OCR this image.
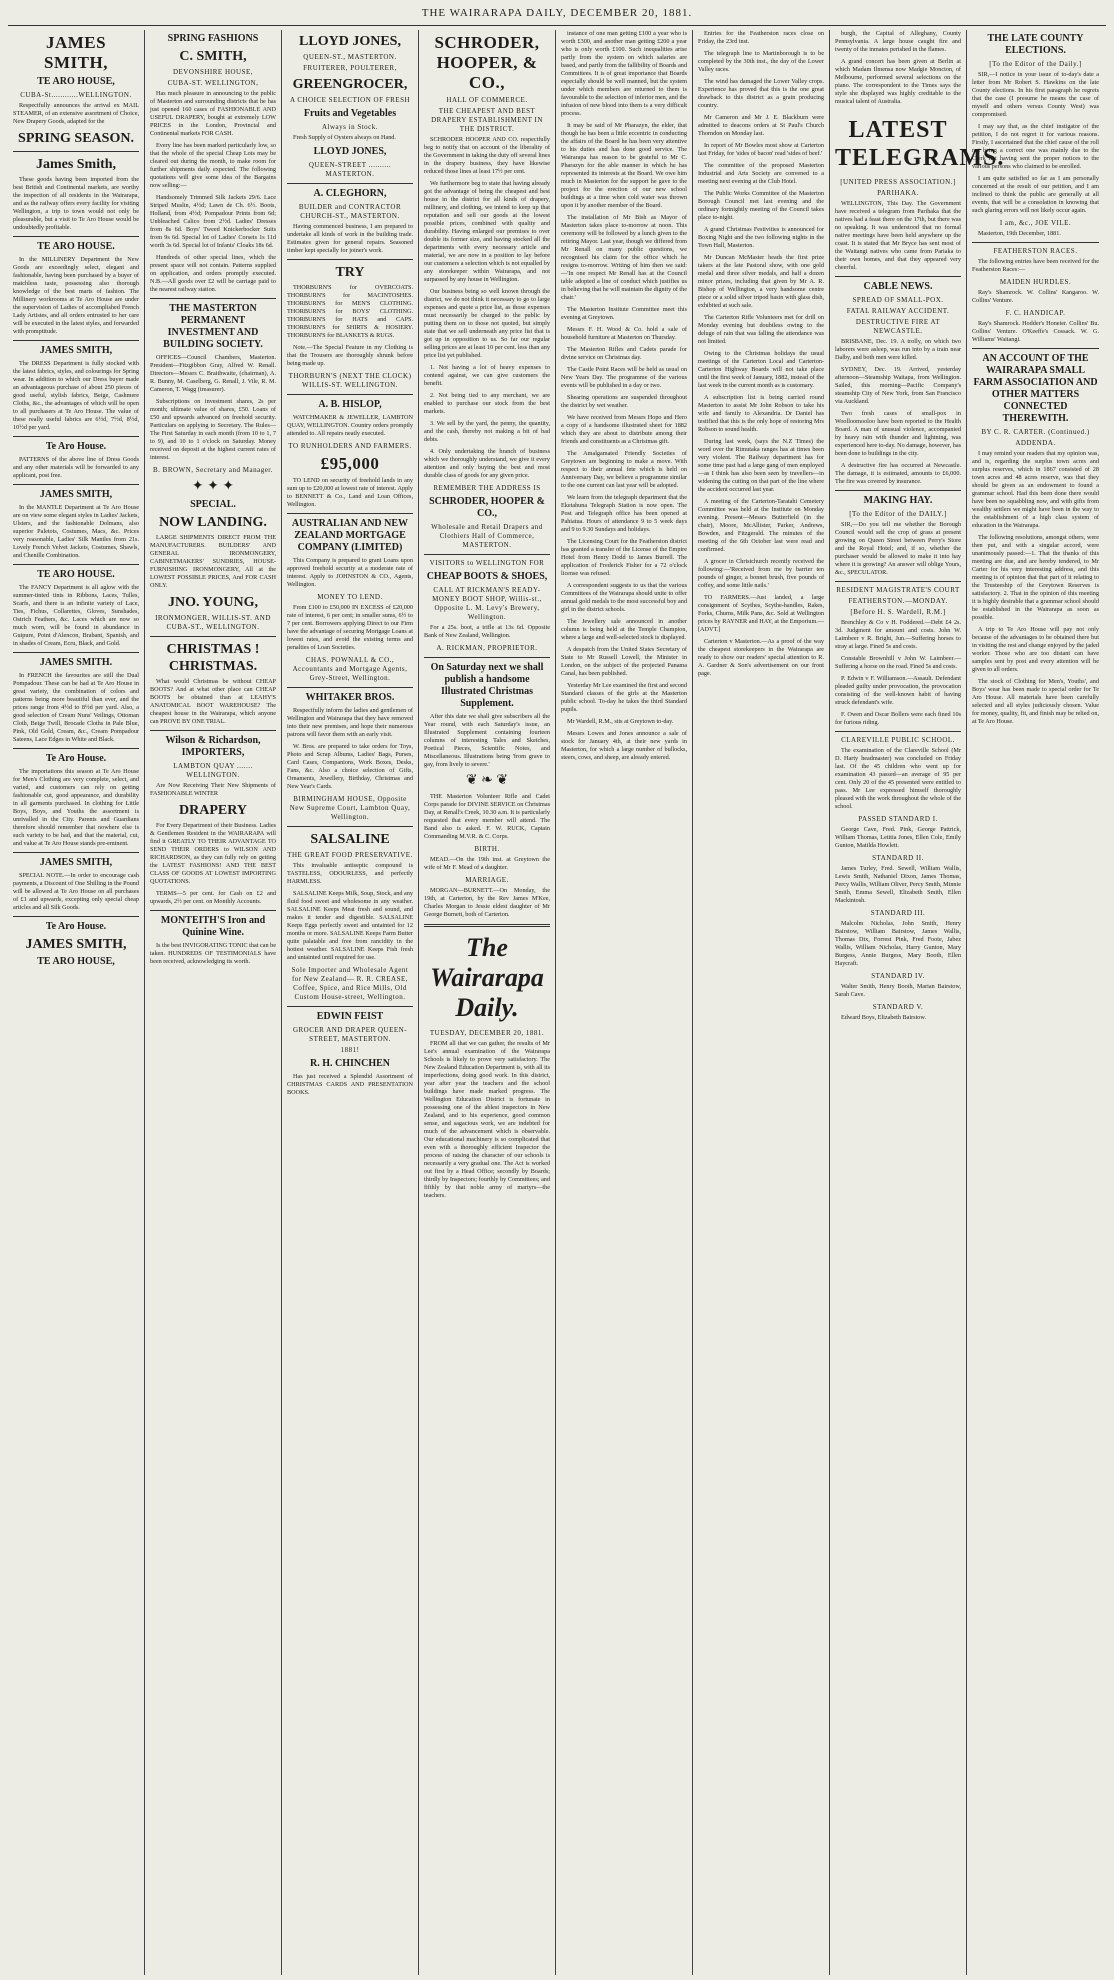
THE WAIRARAPA DAILY, DECEMBER 20, 1881.
JAMES SMITH,
TE ARO HOUSE,
CUBA-St............WELLINGTON.

Respectfully announces the arrival ex MAIL STEAMER, of an extensive assortment of Choice, New Drapery Goods, adapted for the

SPRING SEASON.
James Smith,

These goods having been imported from the best British and Continental markets, are worthy the inspection of all residents in the Wairarapa, and as the railway offers every facility for visiting Wellington, a trip to town would not only be pleasurable, but a visit to Te Aro House would be undoubtedly profitable.

TE ARO HOUSE.

In the MILLINERY Department the New Goods are exceedingly select, elegant and fashionable, having been purchased by a buyer of matchless taste, possessing also thorough knowledge of the best marts of fashion. The Millinery workrooms at Te Aro House are under the supervision of Ladies of accomplished French Lady Artistes, and all orders entrusted to her care will be executed in the latest styles, and forwarded with promptitude.

JAMES SMITH,

The DRESS Department is fully stocked with the latest fabrics, styles, and colourings for Spring wear. In addition to which our Dress buyer made an advantageous purchase of about 250 pieces of good useful, stylish fabrics, Beige, Cashmere Cloths, &c., the advantages of which will be open to all purchasers at Te Aro House. The value of these really useful fabrics are 6½d, 7½d, 8½d, 10½d per yard.

Te Aro House.

PATTERNS of the above line of Dress Goods and any other materials will be forwarded to any applicant, post free.

JAMES SMITH,

In the MANTLE Department at Te Aro House are on view some elegant styles in Ladies' Jackets, Ulsters, and the fashionable Dolmans, also superior Paletots, Costumes, Macs, &c. Prices very reasonable, Ladies' Silk Mantles from 21s. Lovely French Velvet Jackets, Costumes, Shawls, and Chenille Combination.

TE ARO HOUSE.

The FANCY Department is all aglow with the summer-tinted tints in Ribbons, Laces, Tulles, Scarfs, and there is an infinite variety of Lace, Ties, Fichus, Collarettes, Gloves, Sunshades, Ostrich Feathers, &c. Laces which are now so much worn, will be found in abundance in Guipure, Point d'Alencon, Brabant, Spanish, and in shades of Cream, Ecru, Black, and Gold.

JAMES SMITH.

In FRENCH the favourites are still the Dual Pompadour. These can be had at Te Aro House in great variety, the combination of colors and patterns being more beautiful than ever, and the prices range from 4½d to 8½d per yard. Also, a good selection of Cream Nuns' Veilings, Ottoman Cloth, Beige Twill, Brocade Cloths in Pale Blue, Pink, Old Gold, Cream, &c., Cream Pompadour Sateens, Lace Edges in White and Black.

Te Aro House.

The importations this season at Te Aro House for Men's Clothing are very complete, select, and varied, and customers can rely on getting fashionable cut, good appearance, and durability in all garments purchased. In clothing for Little Boys, Boys, and Youths the assortment is unrivalled in the City. Parents and Guardians therefore should remember that nowhere else is such variety to be had, and that the material, cut, and value at Te Aro House stands pre-eminent.

JAMES SMITH,

SPECIAL NOTE.—In order to encourage cash payments, a Discount of One Shilling in the Pound will be allowed at Te Aro House on all purchases of £1 and upwards, excepting only special cheap articles and all Silk Goods.

Te Aro House.
JAMES SMITH,
TE ARO HOUSE,
SPRING FASHIONS
C. SMITH,
DEVONSHIRE HOUSE,
CUBA-ST. WELLINGTON,

Has much pleasure in announcing to the public of Masterton and surrounding districts that he has just opened 160 cases of FASHIONABLE AND USEFUL DRAPERY, bought at extremely LOW PRICES in the London, Provincial and Continental markets FOR CASH.

Every line has been marked particularly low, so that the whole of the special Cheap Lots may be cleared out during the month, to make room for further shipments daily expected. The following quotations will give some idea of the Bargains now selling:—

Handsomely Trimmed Silk Jackets 29/6. Lace Striped Muslin, 4½d; Lawn de Ch. 6½. Boots, Holland, from 4½d; Pompadour Prints from 6d; Unbleached Calico from 2½d. Ladies' Dresses from 8s 6d. Boys' Tweed Knickerbocker Suits from 9s 6d. Special lot of Ladies' Corsets 1s 11d worth 3s 6d. Special lot of Infants' Cloaks 18s 6d.

Hundreds of other special lines, which the present space will not contain. Patterns supplied on application, and orders promptly executed. N.B.—All goods over £2 will be carriage paid to the nearest railway station.

THE MASTERTON PERMANENT INVESTMENT AND BUILDING SOCIETY.

OFFICES—Council Chambers, Masterton. President—Fitzgibbon Gray, Alfred W. Renall. Directors—Messrs C. Braithwaite, (chairman), A. R. Bunny, M. Caselberg, G. Renall, J. Vile, R. M. Cameron, T. Wagg (treasurer).

Subscriptions on investment shares, 2s per month; ultimate value of shares, £50. Loans of £50 and upwards advanced on freehold security. Particulars on applying to Secretary. The Rules—The First Saturday in each month (from 10 to 1, 7 to 9), and 10 to 1 o'clock on Saturday. Money received on deposit at the highest current rates of interest.

B. BROWN, Secretary and Manager.
✦ ✦ ✦
SPECIAL.
NOW LANDING.

LARGE SHIPMENTS DIRECT FROM THE MANUFACTURERS. BUILDERS' AND GENERAL IRONMONGERY, CABINETMAKERS' SUNDRIES, HOUSE-FURNISHING IRONMONGERY, All at the LOWEST POSSIBLE PRICES, And FOR CASH ONLY.

JNO. YOUNG,
IRONMONGER, WILLIS-ST. AND CUBA-ST., WELLINGTON.
CHRISTMAS ! CHRISTMAS.

What would Christmas be without CHEAP BOOTS? And at what other place can CHEAP BOOTS be obtained than at LEAHY'S ANATOMICAL BOOT WAREHOUSE? The cheapest house in the Wairarapa, which anyone can PROVE BY ONE TRIAL.

Wilson & Richardson, IMPORTERS,
LAMBTON QUAY ....... WELLINGTON.

Are Now Receiving Their New Shipments of FASHIONABLE WINTER

DRAPERY

For Every Department of their Business. Ladies & Gentlemen Resident in the WAIRARAPA will find it GREATLY TO THEIR ADVANTAGE TO SEND THEIR ORDERS to WILSON AND RICHARDSON, as they can fully rely on getting the LATEST FASHIONS! AND THE BEST CLASS OF GOODS AT LOWEST IMPORTING QUOTATIONS.

TERMS—5 per cent. for Cash on £2 and upwards, 2½ per cent. on Monthly Accounts.

MONTEITH'S Iron and Quinine Wine.

Is the best INVIGORATING TONIC that can be taken. HUNDREDS OF TESTIMONIALS have been received, acknowledging its worth.

LLOYD JONES,
QUEEN-ST., MASTERTON.
FRUITERER, POULTERER,
GREENGROCER,
A CHOICE SELECTION OF FRESH
Fruits and Vegetables
Always in Stock.

Fresh Supply of Oysters always on Hand.

LLOYD JONES,
QUEEN-STREET .......... MASTERTON.
A. CLEGHORN,
BUILDER and CONTRACTOR CHURCH-ST., MASTERTON.

Having commenced business, I am prepared to undertake all kinds of work in the building trade. Estimates given for general repairs. Seasoned timber kept specially for joiner's work.

TRY

THORBURN'S for OVERCOATS. THORBURN'S for MACINTOSHES. THORBURN'S for MEN'S CLOTHING. THORBURN'S for BOYS' CLOTHING. THORBURN'S for HATS and CAPS. THORBURN'S for SHIRTS & HOSIERY. THORBURN'S for BLANKETS & RUGS.

Note.—The Special Feature in my Clothing is that the Trousers are thoroughly shrunk before being made up.

THORBURN'S (NEXT THE CLOCK) WILLIS-ST. WELLINGTON.
A. B. HISLOP,

WATCHMAKER & JEWELLER, LAMBTON QUAY, WELLINGTON. Country orders promptly attended to. All repairs neatly executed.

TO RUNHOLDERS AND FARMERS.
£95,000

TO LEND on security of freehold lands in any sum up to £20,000 at lowest rate of interest. Apply to BENNETT & Co., Land and Loan Offices, Wellington.

AUSTRALIAN AND NEW ZEALAND MORTGAGE COMPANY (LIMITED)

This Company is prepared to grant Loans upon approved freehold security at a moderate rate of interest. Apply to JOHNSTON & CO., Agents, Wellington.

MONEY TO LEND.

From £100 to £50,000 IN EXCESS of £20,000 rate of interest, 6 per cent; in smaller sums, 6½ to 7 per cent. Borrowers applying Direct to our Firm have the advantage of securing Mortgage Loans at lowest rates, and avoid the existing terms and penalties of Loan Societies.

CHAS. POWNALL & CO., Accountants and Mortgage Agents, Grey-Street, Wellington.
WHITAKER BROS.

Respectfully inform the ladies and gentlemen of Wellington and Wairarapa that they have removed into their new premises, and hope their numerous patrons will favor them with an early visit.

W. Bros. are prepared to take orders for Toys, Photo and Scrap Albums, Ladies' Bags, Purses, Card Cases, Companions, Work Boxes, Desks, Fans, &c. Also a choice selection of Gifts, Ornaments, Jewellery, Birthday, Christmas and New Year's Cards.

BIRMINGHAM HOUSE, Opposite New Supreme Court, Lambton Quay, Wellington.
SALSALINE
THE GREAT FOOD PRESERVATIVE.

This invaluable antiseptic compound is TASTELESS, ODOURLESS, and perfectly HARMLESS.

SALSALINE Keeps Milk, Soup, Stock, and any fluid food sweet and wholesome in any weather. SALSALINE Keeps Meat fresh and sound, and makes it tender and digestible. SALSALINE Keeps Eggs perfectly sweet and untainted for 12 months or more. SALSALINE Keeps Farm Butter quite palatable and free from rancidity in the hottest weather. SALSALINE Keeps Fish fresh and untainted until required for use.

Sole Importer and Wholesale Agent for New Zealand— R. R. CREASE, Coffee, Spice, and Rice Mills, Old Custom House-street, Wellington.
EDWIN FEIST
GROCER AND DRAPER QUEEN-STREET, MASTERTON.
1881!
R. H. CHINCHEN

Has just received a Splendid Assortment of CHRISTMAS CARDS AND PRESENTATION BOOKS.

SCHRODER, HOOPER, & CO.,
HALL OF COMMERCE.
THE CHEAPEST AND BEST DRAPERY ESTABLISHMENT IN THE DISTRICT.

SCHRODER HOOPER AND CO. respectfully beg to notify that on account of the liberality of the Government in taking the duty off several lines in the drapery business, they have likewise reduced those lines at least 17½ per cent.

We furthermore beg to state that having already got the advantage of being the cheapest and best house in the district for all kinds of drapery, millinery, and clothing, we intend to keep up that reputation and sell our goods at the lowest possible prices, combined with quality and durability. Having enlarged our premises to over double its former size, and having stocked all the departments with every necessary article and material, we are now in a position to lay before our customers a selection which is not equalled by any storekeeper within Wairarapa, and not surpassed by any house in Wellington.

Our business being so well known through the district, we do not think it necessary to go to large expenses and quote a price list, as those expenses must necessarily be charged to the public by putting them on to those not quoted, but simply state that we sell underneath any price list that is got up in opposition to us. So far our regular selling prices are at least 10 per cent. less than any price list yet published.

1. Not having a lot of heavy expenses to contend against, we can give customers the benefit.

2. Not being tied to any merchant, we are enabled to purchase our stock from the best markets.

3. We sell by the yard, the penny, the quantity, and the cash, thereby not making a bit of bad debts.

4. Only undertaking the branch of business which we thoroughly understand, we give it every attention and only buying the best and most durable class of goods for any given price.

REMEMBER THE ADDRESS IS
SCHRODER, HOOPER & CO.,
Wholesale and Retail Drapers and Clothiers Hall of Commerce, MASTERTON.
VISITORS to WELLINGTON FOR
CHEAP BOOTS & SHOES,
CALL AT RICKMAN'S READY-MONEY BOOT SHOP, Willis-st., Opposite L. M. Levy's Brewery, Wellington.

For a 25s. boot, a trifle at 13s 6d. Opposite Bank of New Zealand, Wellington.

A. RICKMAN, PROPRIETOR.
On Saturday next we shall publish a handsome Illustrated Christmas Supplement.

After this date we shall give subscribers all the Year round, with each Saturday's issue, an Illustrated Supplement containing fourteen columns of interesting Tales and Sketches, Poetical Pieces, Scientific Notes, and Miscellaneous. Illustrations being 'from grave to gay, from lively to severe.'

❦ ❧ ❦

THE Masterton Volunteer Rifle and Cadet Corps parade for DIVINE SERVICE on Christmas Day, at Renall's Creek, 10.30 a.m. It is particularly requested that every member will attend. The Band also is asked. F. W. RUCK, Captain Commanding M.V.R. & C. Corps.

BIRTH.

MEAD.—On the 19th inst. at Greytown the wife of Mr F. Mead of a daughter.

MARRIAGE.

MORGAN—BURNETT.—On Monday, the 19th, at Carterton, by the Rev James M'Kee, Charles Morgan to Jessie eldest daughter of Mr George Burnett, both of Carterton.

The Wairarapa Daily.
TUESDAY, DECEMBER 20, 1881.

FROM all that we can gather, the results of Mr Lee's annual examination of the Wairarapa Schools is likely to prove very satisfactory. The New Zealand Education Department is, with all its imperfections, doing good work. In this district, year after year the teachers and the school buildings have made marked progress. The Wellington Education District is fortunate in possessing one of the ablest inspectors in New Zealand, and to his experience, good common sense, and sagacious work, we are indebted for much of the advancement which is observable. Our educational machinery is so complicated that even with a thoroughly efficient Inspector the process of raising the character of our schools is necessarily a very gradual one. The Act is worked out first by a Head Office; secondly by Boards; thirdly by Inspectors; fourthly by Committees; and fifthly by that noble army of martyrs—the teachers.

instance of one man getting £100 a year who is worth £300, and another man getting £200 a year who is only worth £100. Such inequalities arise partly from the system on which salaries are based, and partly from the fallibility of Boards and Committees. It is of great importance that Boards especially should be well manned, but the system under which members are returned to them is favourable to the selection of inferior men, and the infusion of new blood into them is a very difficult process.

It may be said of Mr Pharazyn, the elder, that though he has been a little eccentric in conducting the affairs of the Board he has been very attentive to his duties and has done good service. The Wairarapa has reason to be grateful to Mr C. Pharazyn for the able manner in which he has represented its interests at the Board. We owe him much in Masterton for the support he gave to the project for the erection of our new school buildings at a time when cold water was thrown upon it by another member of the Board.

The installation of Mr Bish as Mayor of Masterton takes place to-morrow at noon. This ceremony will be followed by a lunch given to the retiring Mayor. Last year, though we differed from Mr Renall on many public questions, we recognised his claim for the office which he resigns to-morrow. Writing of him then we said:—'In one respect Mr Renall has at the Council table adopted a line of conduct which justifies us in believing that he will maintain the dignity of the chair.'

The Masterton Institute Committee meet this evening at Greytown.

Messrs F. H. Wood & Co. hold a sale of household furniture at Masterton on Thursday.

The Masterton Rifles and Cadets parade for divine service on Christmas day.

The Castle Point Races will be held as usual on New Years Day. The programme of the various events will be published in a day or two.

Shearing operations are suspended throughout the district by wet weather.

We have received from Messrs Hopo and Hero a copy of a handsome illustrated sheet for 1882 which they are about to distribute among their friends and constituents as a Christmas gift.

The Amalgamated Friendly Societies of Greytown are beginning to make a move. With respect to their annual fete which is held on Anniversary Day, we believe a programme similar to the one current can last year will be adopted.

We learn from the telegraph department that the Eketahuna Telegraph Station is now open. The Post and Telegraph office has been opened at Pahiatua. Hours of attendance 9 to 5 week days and 9 to 9.30 Sundays and holidays.

The Licensing Court for the Featherston district has granted a transfer of the License of the Empire Hotel from Henry Dodd to James Burrell. The application of Frederick Fisher for a 72 o'clock license was refused.

A correspondent suggests to us that the various Committees of the Wairarapa should unite to offer annual gold medals to the most successful boy and girl in the district schools.

The Jewellery sale announced in another column is being held at the Temple Champion, where a large and well-selected stock is displayed.

A despatch from the United States Secretary of State to Mr Russell Lowell, the Minister in London, on the subject of the projected Panama Canal, has been published.

Yesterday Mr Lee examined the first and second Standard classes of the girls at the Masterton public school. To-day he takes the third Standard pupils.

Mr Wardell, R.M., sits at Greytown to-day.

Messrs Lowes and Jones announce a sale of stock for January 4th, at their new yards in Masterton, for which a large number of bullocks, steers, cows, and sheep, are already entered.

Entries for the Featherston races close on Friday, the 23rd inst.

The telegraph line to Martinborough is to be completed by the 30th inst., the day of the Lower Valley races.

The wind has damaged the Lower Valley crops. Experience has proved that this is the one great drawback to this district as a grain producing country.

Mr Cameron and Mr J. E. Blackburn were admitted to deacons orders at St Paul's Church Thorndon on Monday last.

In report of Mr Bowles most show at Carterton last Friday, for 'sides of bacon' read 'sides of beef.'

The committee of the proposed Masterton Industrial and Arts Society are convened to a meeting next evening at the Club Hotel.

The Public Works Committee of the Masterton Borough Council met last evening and the ordinary fortnightly meeting of the Council takes place to-night.

A grand Christmas Festivities is announced for Boxing Night and the two following nights in the Town Hall, Masterton.

Mr Duncan McMaster heads the first prize takers at the late Pastoral show, with one gold medal and three silver medals, and half a dozen minor prizes, including that given by Mr A. R. Bishop of Wellington, a very handsome centre piece or a solid silver tripod basin with glass dish, exhibited at such sale.

The Carterton Rifle Volunteers met for drill on Monday evening but doubtless owing to the deluge of rain that was falling the attendance was not limited.

Owing to the Christmas holidays the usual meetings of the Carterton Local and Carterton-Carterton Highway Boards will not take place until the first week of January, 1882, instead of the last week in the current month as is customary.

A subscription list is being carried round Masterton to assist Mr John Robson to take his wife and family to Alexandria. Dr Daniel has testified that this is the only hope of restoring Mrs Robson to sound health.

During last week, (says the N.Z Times) the word over the Rimutaka ranges has at times been very violent. The Railway department has for some time past had a large gang of men employed—as I think has also been seen by travellers—in widening the cutting on that part of the line where the accident occurred last year.

A meeting of the Carterton-Taratahi Cemetery Committee was held at the Institute on Monday evening. Present—Messrs Butterfield (in the chair), Moore, McAllister, Parker, Andrews, Bowden, and Fitzgerald. The minutes of the meeting of the 6th October last were read and confirmed.

A grocer in Christchurch recently received the following:—'Received from me by barrier ten pounds of ginger, a bonnet brush, five pounds of coffey, and some little nails.'

TO FARMERS.—Just landed, a large consignment of Scythes, Scythe-handles, Rakes, Forks, Churns, Milk Pans, &c. Sold at Wellington prices by RAYNER and HAY, at the Emporium.—[ADVT.]

Carterton v Masterton.—As a proof of the way the cheapest storekeepers in the Wairarapa are ready to show our readers' special attention to R. A. Gardner & Son's advertisement on our front page.

burgh, the Capital of Alleghany, County Pennsylvania. A large house caught fire and twenty of the inmates perished in the flames.

A grand concert has been given at Berlin at which Madam Ilmensa now Madgie Moncton, of Melbourne, performed several selections on the piano. The correspondent to the Times says the style she displayed was highly creditable to the musical talent of Australia.

LATEST TELEGRAMS.
[UNITED PRESS ASSOCIATION.]
PARIHAKA.

WELLINGTON, This Day. The Government have received a telegram from Parihaka that the natives had a feast there on the 17th, but there was no speaking. It was understood that no formal native meetings have been held anywhere up the coast. It is stated that Mr Bryce has sent most of the Waitangi natives who came from Pariaka to their own homes, and that they appeared very cheerful.

CABLE NEWS.
SPREAD OF SMALL-POX.
FATAL RAILWAY ACCIDENT.
DESTRUCTIVE FIRE AT NEWCASTLE.

BRISBANE, Dec. 19. A trolly, on which two laborers were asleep, was run into by a train near Dalby, and both men were killed.

SYDNEY, Dec. 19. Arrived, yesterday afternoon—Steamship Waitapa, from Wellington. Sailed, this morning—Pacific Company's steamship City of New York, from San Francisco via Auckland.

Two fresh cases of small-pox in Woolloomooloo have been reported to the Health Board. A man of unusual violence, accompanied by heavy rain with thunder and lightning, was experienced here to-day. No damage, however, has been done to buildings in the city.

A destructive fire has occurred at Newcastle. The damage, it is estimated, amounts to £6,000. The fire was covered by insurance.

MAKING HAY.
[To the Editor of the DAILY.]

SIR,—Do you tell me whether the Borough Council would sell the crop of grass at present growing on Queen Street between Perry's Store and the Royal Hotel; and, if so, whether the purchaser would be allowed to make it into hay where it is growing? An answer will oblige Yours, &c., SPECULATOR.

RESIDENT MAGISTRATE'S COURT
FEATHERSTON.—MONDAY.
[Before H. S. Wardell, R.M.]

Brenchley & Co v H. Foddered.—Debt £4 2s. 3d. Judgment for amount and costs. John W. Laimbeer v R. Bright, Jun.—Suffering horses to stray at large. Fined 5s and costs.

Constable Brownhill v John W. Laimbeer.—Suffering a horse on the road. Fined 5s and costs.

P. Edwin v F. Williamson.—Assault. Defendant pleaded guilty under provocation, the provocation consisting of the well-known habit of having struck defendant's wife.

F. Owen and Oscar Bollers were each fined 10s for furious riding.

CLAREVILLE PUBLIC SCHOOL.

The examination of the Clareville School (Mr D. Harty headmaster) was concluded on Friday last. Of the 45 children who went up for examination 43 passed—an average of 95 per cent. Only 20 of the 45 presented were entitled to pass. Mr Lee expressed himself thoroughly pleased with the work throughout the whole of the school.

PASSED STANDARD I.

George Cave, Fred. Pink, George Pattrick, William Thomas, Letitia Jones, Ellen Cole, Emily Gunton, Matilda Howlett.

STANDARD II.

James Turley, Fred. Sewell, William Wallis, Lewis Smith, Nathaniel Dixon, James Thomas, Percy Wallis, William Oliver, Percy Smith, Minnie Smith, Emma Sewell, Elizabeth Smith, Ellen Mackintosh.

STANDARD III.

Malcolm Nicholas, John Smith, Henry Bairstow, William Bairstow, James Wallis, Thomas Dix, Forrest Pink, Fred Foote, Jabez Wallis, William Nicholas, Harry Gunton, Mary Burgess, Annie Burgess, Mary Booth, Ellen Haycraft.

STANDARD IV.

Walter Smith, Henry Booth, Marian Bairstow, Sarah Cave.

STANDARD V.

Edward Boys, Elizabeth Bairstow.

THE LATE COUNTY ELECTIONS.
[To the Editor of the Daily.]

SIR,—I notice in your issue of to-day's date a letter from Mr Robert S. Hawkins on the late County elections. In his first paragraph he regrets that the case (I presume he means the case of myself and others versus County West) was compromised.

I may say that, as the chief instigator of the petition, I do not regret it for various reasons. Firstly, I ascertained that the chief cause of the roll not being a correct one was mainly due to the Clerk not having sent the proper notices to the various persons who claimed to be enrolled.

I am quite satisfied so far as I am personally concerned at the result of our petition, and I am inclined to think the public are generally at all events, that will be a consolation in knowing that such glaring errors will not likely occur again.

I am, &c., JOE VILE.

Masterton, 19th December, 1881.

FEATHERSTON RACES.

The following entries have been received for the Featherston Races:—

MAIDEN HURDLES.

Ray's Shamrock. W. Collins' Kangaroo. W. Collins' Venture.

F. C. HANDICAP.

Ray's Shamrock. Hodder's Honeier. Collins' Bu. Collins' Venture. O'Keeffe's Cossack. W. G. Williams' Waitangi.

AN ACCOUNT OF THE WAIRARAPA SMALL FARM ASSOCIATION AND OTHER MATTERS CONNECTED THEREWITH.
BY C. R. CARTER. (Continued.)
ADDENDA.

I may remind your readers that my opinion was, and is, regarding the surplus town acres and surplus reserves, which in 1867 consisted of 28 town acres and 48 acres reserve, was that they should be given as an endowment to found a grammar school. Had this been done there would have been no squabbling now, and with gifts from wealthy settlers we might have been in the way to the establishment of a high class system of education in the Wairarapa.

The following resolutions, amongst others, were then put, and with a singular accord, were unanimously passed:—1. That the thanks of this meeting are due, and are hereby tendered, to Mr Carter for his very interesting address, and this meeting is of opinion that that part of it relating to the Trusteeship of the Greytown Reserves is satisfactory. 2. That in the opinion of this meeting it is highly desirable that a grammar school should be established in the Wairarapa as soon as possible.

A trip to Te Aro House will pay not only because of the advantages to be obtained there but in visiting the rest and change enjoyed by the jaded worker. Those who are too distant can have samples sent by post and every attention will be given to all orders.

The stock of Clothing for Men's, Youths', and Boys' wear has been made to special order for Te Aro House. All materials have been carefully selected and all styles judiciously chosen. Value for money, quality, fit, and finish may be relied on, at Te Aro House.
